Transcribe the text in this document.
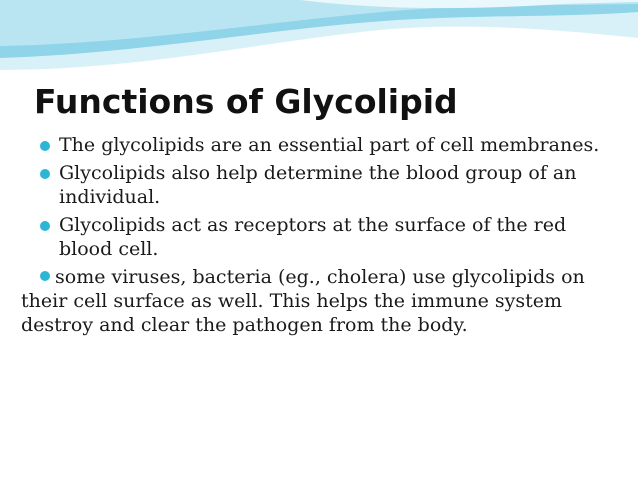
Functions of Glycolipid
The glycolipids are an essential part of cell membranes.
Glycolipids also help determine the blood group of an individual.
Glycolipids act as receptors at the surface of the red blood cell.
some viruses, bacteria (eg., cholera) use glycolipids on their cell surface as well. This helps the immune system destroy and clear the pathogen from the body.
